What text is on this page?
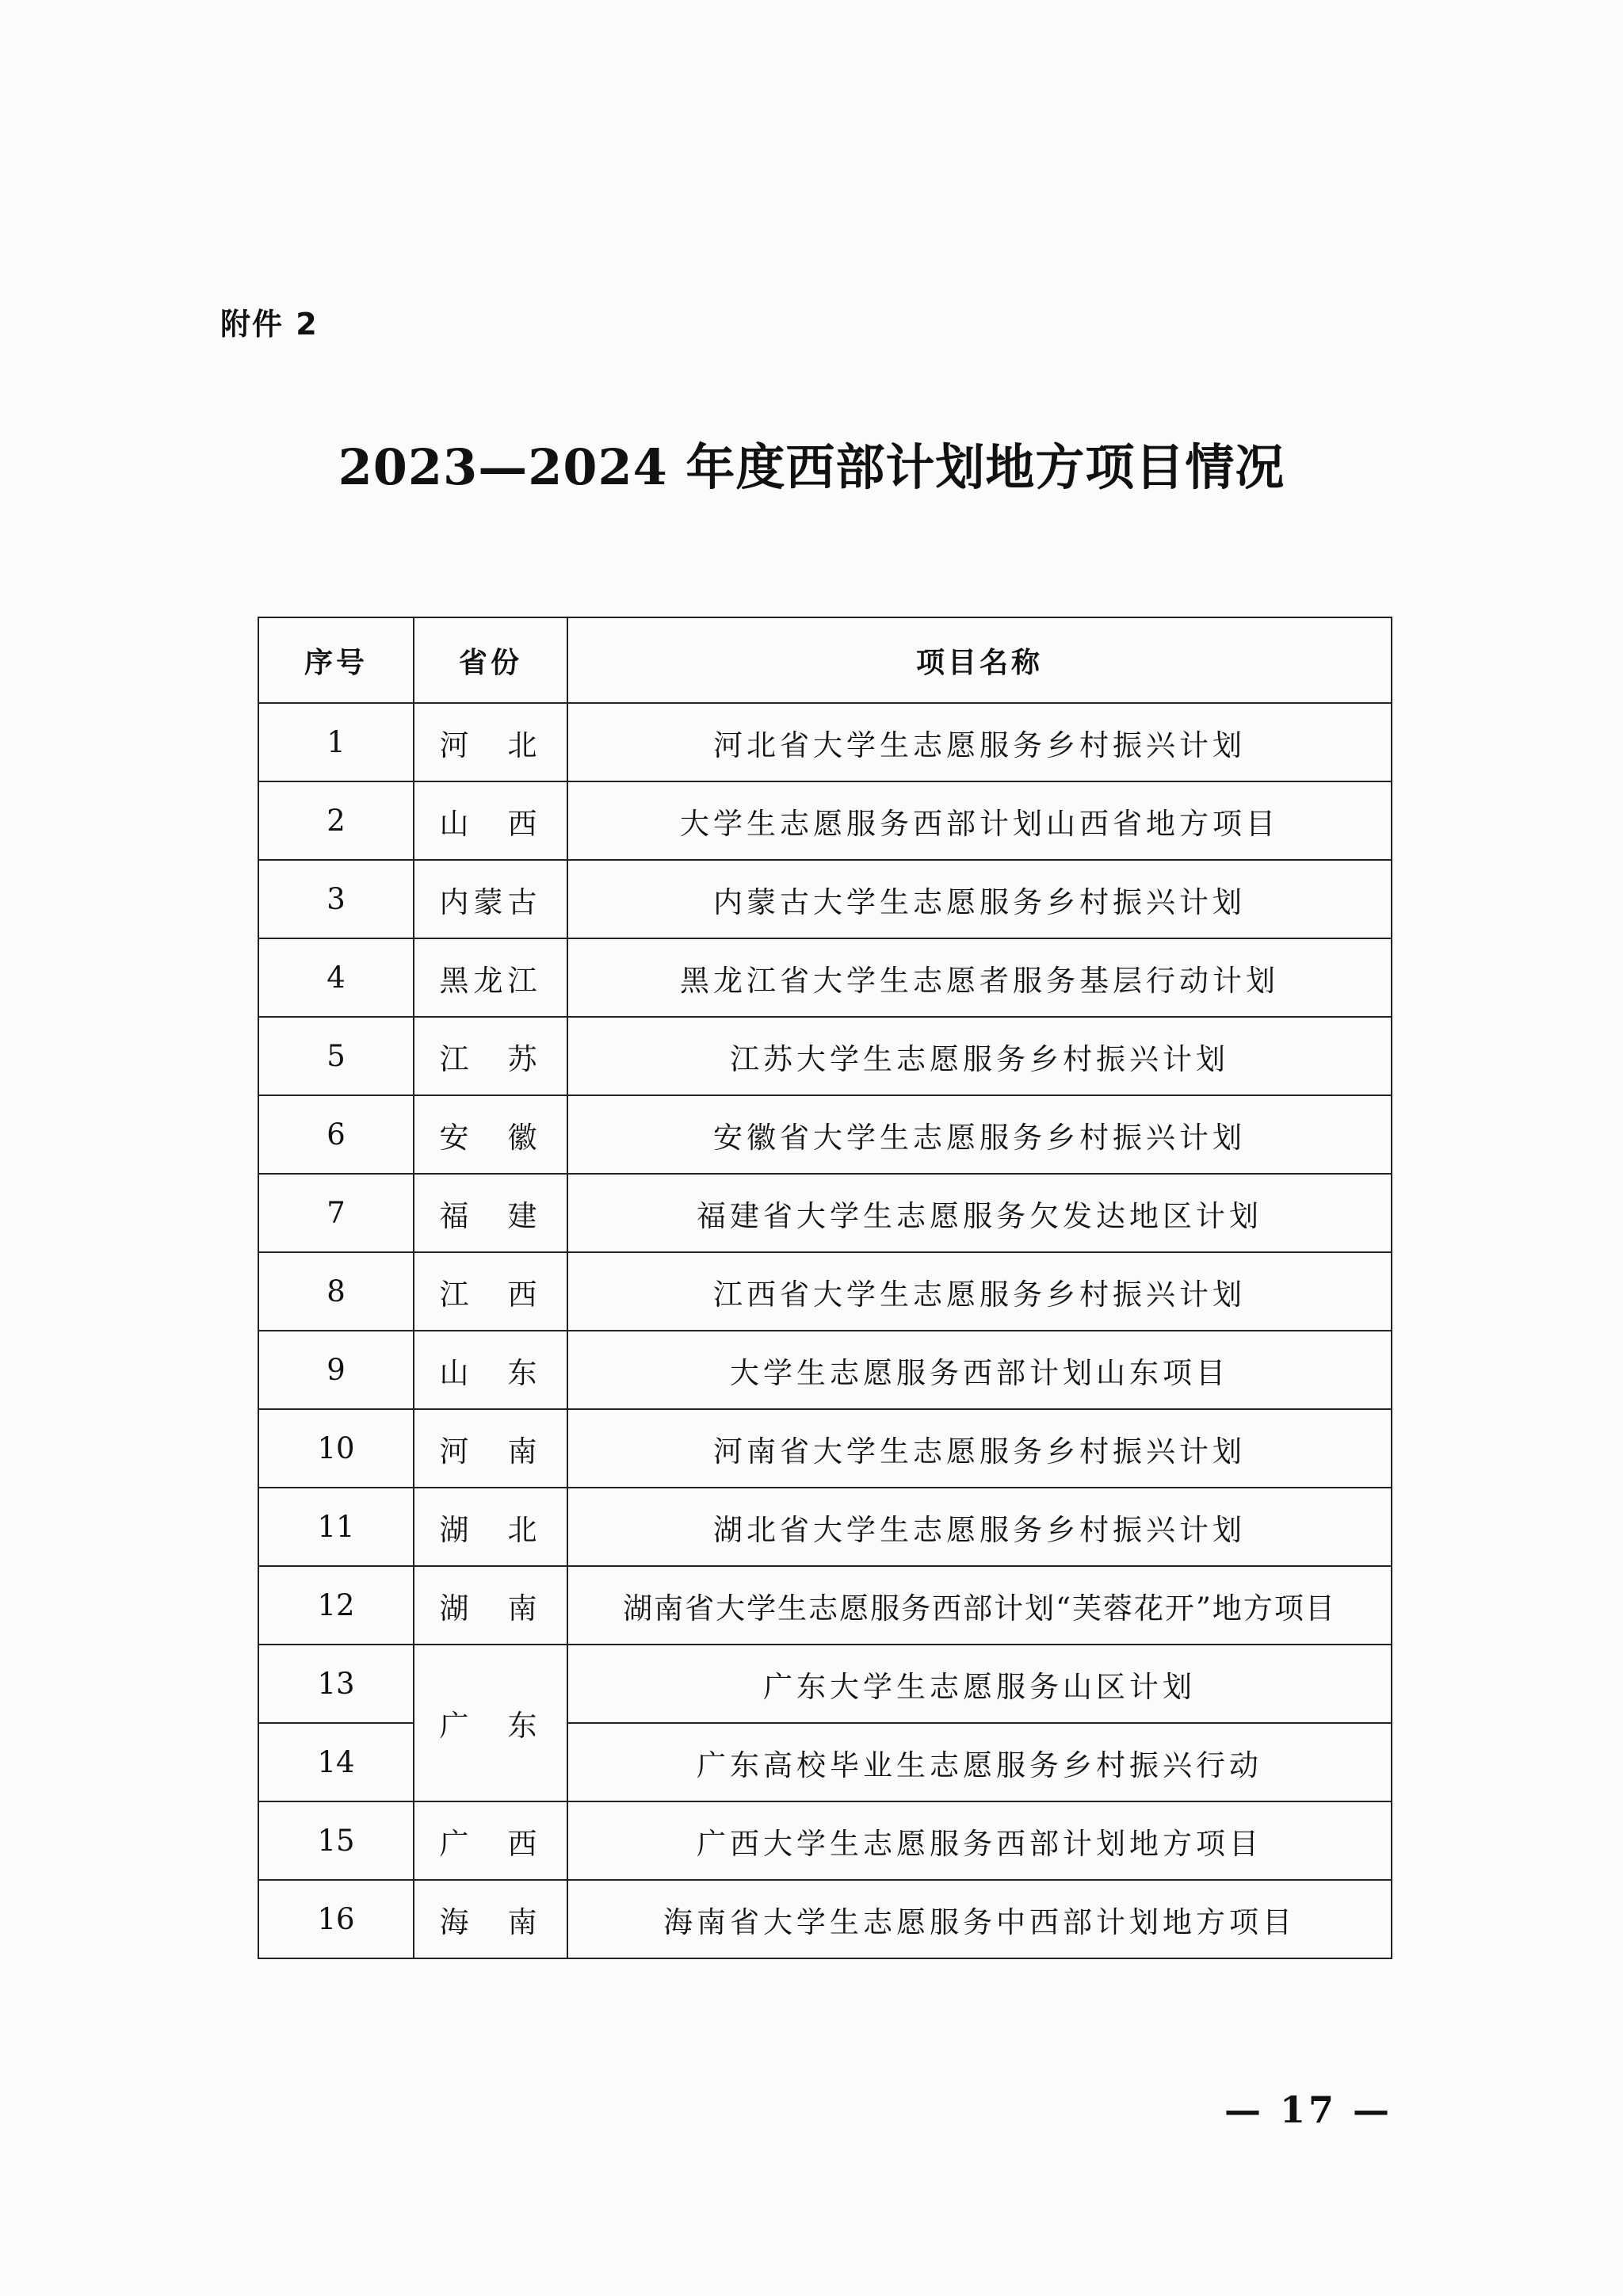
附件 2
2023—2024 年度西部计划地方项目情况
序号	省份	项目名称
1	河　北	河北省大学生志愿服务乡村振兴计划
2	山　西	大学生志愿服务西部计划山西省地方项目
3	内蒙古	内蒙古大学生志愿服务乡村振兴计划
4	黑龙江	黑龙江省大学生志愿者服务基层行动计划
5	江　苏	江苏大学生志愿服务乡村振兴计划
6	安　徽	安徽省大学生志愿服务乡村振兴计划
7	福　建	福建省大学生志愿服务欠发达地区计划
8	江　西	江西省大学生志愿服务乡村振兴计划
9	山　东	大学生志愿服务西部计划山东项目
10	河　南	河南省大学生志愿服务乡村振兴计划
11	湖　北	湖北省大学生志愿服务乡村振兴计划
12	湖　南	湖南省大学生志愿服务西部计划“芙蓉花开”地方项目
13	广　东	广东大学生志愿服务山区计划
14		广东高校毕业生志愿服务乡村振兴行动
15	广　西	广西大学生志愿服务西部计划地方项目
16	海　南	海南省大学生志愿服务中西部计划地方项目
— 17 —
